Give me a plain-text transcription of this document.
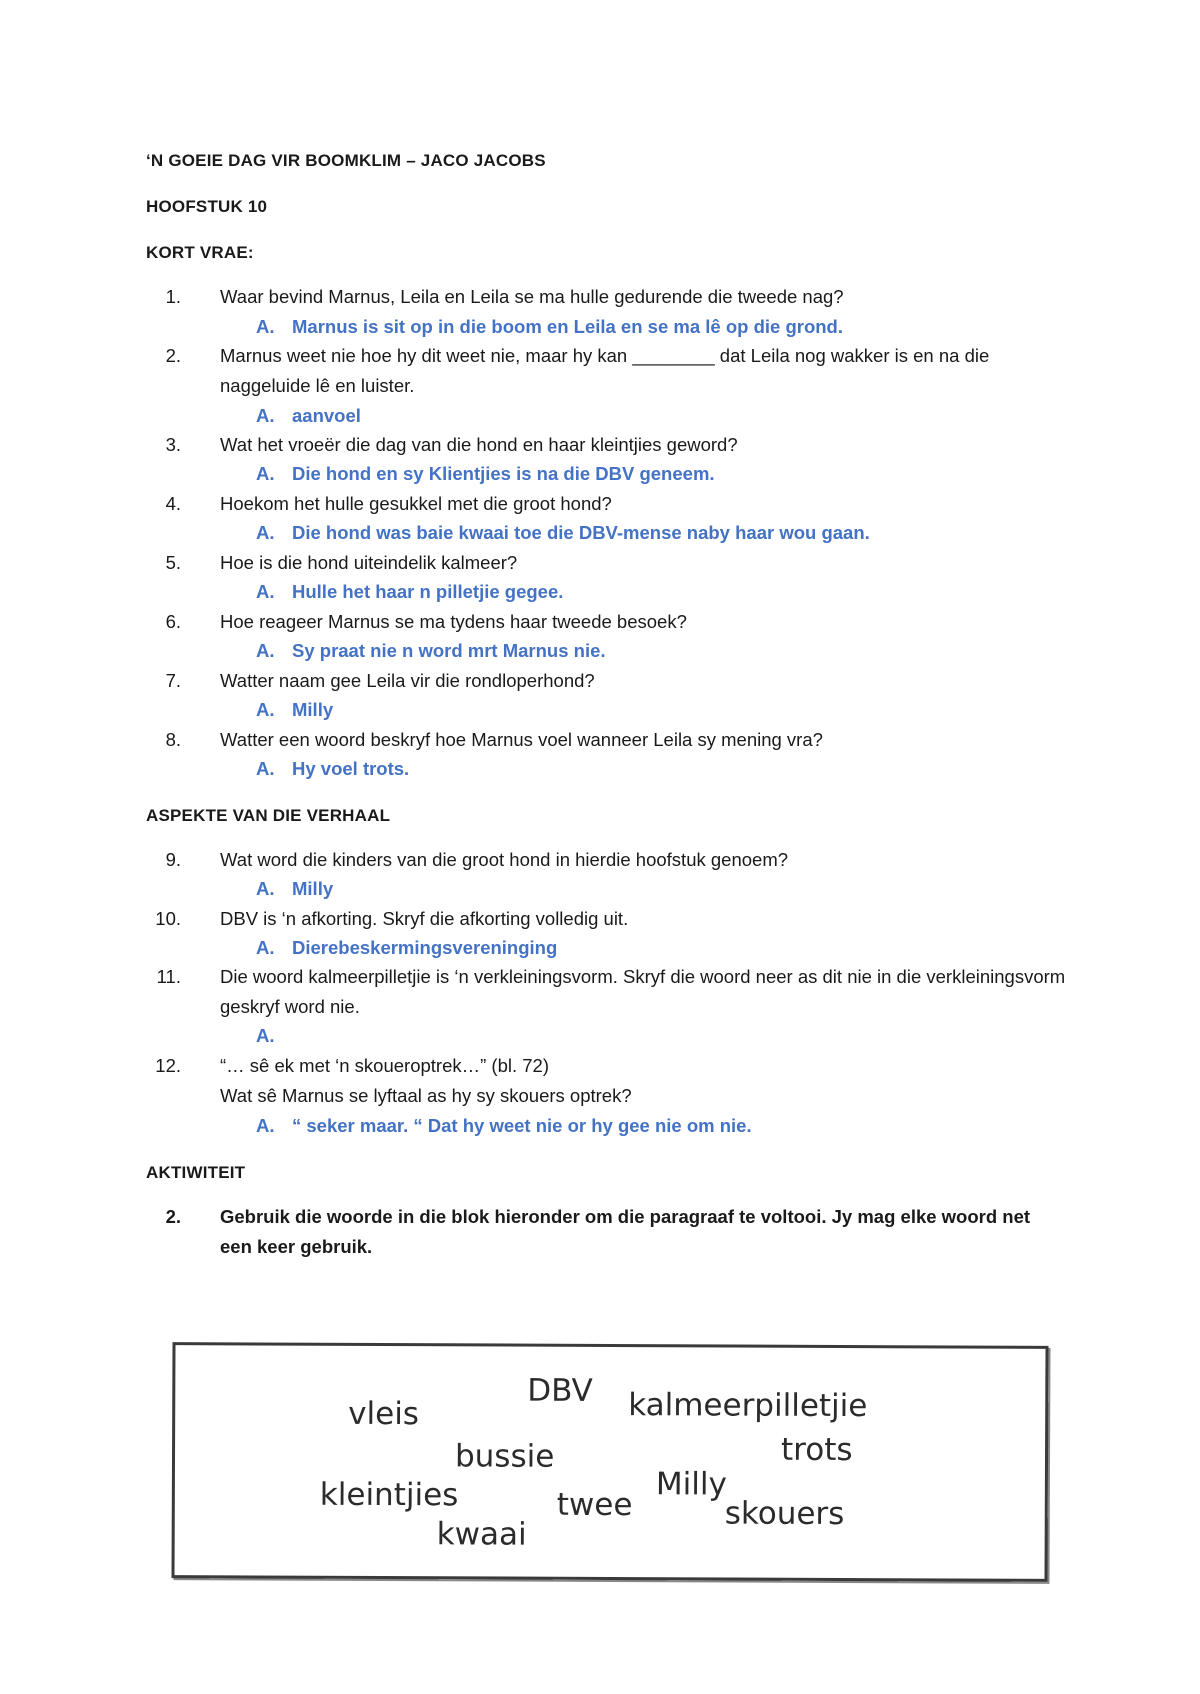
‘N GOEIE DAG VIR BOOMKLIM – JACO JACOBS
HOOFSTUK 10
KORT VRAE:
1. Waar bevind Marnus, Leila en Leila se ma hulle gedurende die tweede nag?
A. Marnus is sit op in die boom en Leila en se ma lê op die grond.
2. Marnus weet nie hoe hy dit weet nie, maar hy kan ________ dat Leila nog wakker is en na die naggeluide lê en luister.
A. aanvoel
3. Wat het vroeër die dag van die hond en haar kleintjies geword?
A. Die hond en sy Klientjies is na die DBV geneem.
4. Hoekom het hulle gesukkel met die groot hond?
A. Die hond was baie kwaai toe die DBV-mense naby haar wou gaan.
5. Hoe is die hond uiteindelik kalmeer?
A. Hulle het haar n pilletjie gegee.
6. Hoe reageer Marnus se ma tydens haar tweede besoek?
A. Sy praat nie n word mrt Marnus nie.
7. Watter naam gee Leila vir die rondloperhond?
A. Milly
8. Watter een woord beskryf hoe Marnus voel wanneer Leila sy mening vra?
A. Hy voel trots.
ASPEKTE VAN DIE VERHAAL
9. Wat word die kinders van die groot hond in hierdie hoofstuk genoem?
A. Milly
10. DBV is ‘n afkorting. Skryf die afkorting volledig uit.
A. Dierebeskermingsvereninging
11. Die woord kalmeerpilletjie is ‘n verkleiningsvorm. Skryf die woord neer as dit nie in die verkleiningsvorm geskryf word nie.
A.
12. “… sê ek met ‘n skoueroptrek…” (bl. 72)
Wat sê Marnus se lyftaal as hy sy skouers optrek?
A. “ seker maar. “ Dat hy weet nie or hy gee nie om nie.
AKTIWITEIT
2. Gebruik die woorde in die blok hieronder om die paragraaf te voltooi. Jy mag elke woord net een keer gebruik.
vleis
DBV kalmeerpilletjie
trots
bussie
kleintjies	Milly
twee	skouers
kwaai
